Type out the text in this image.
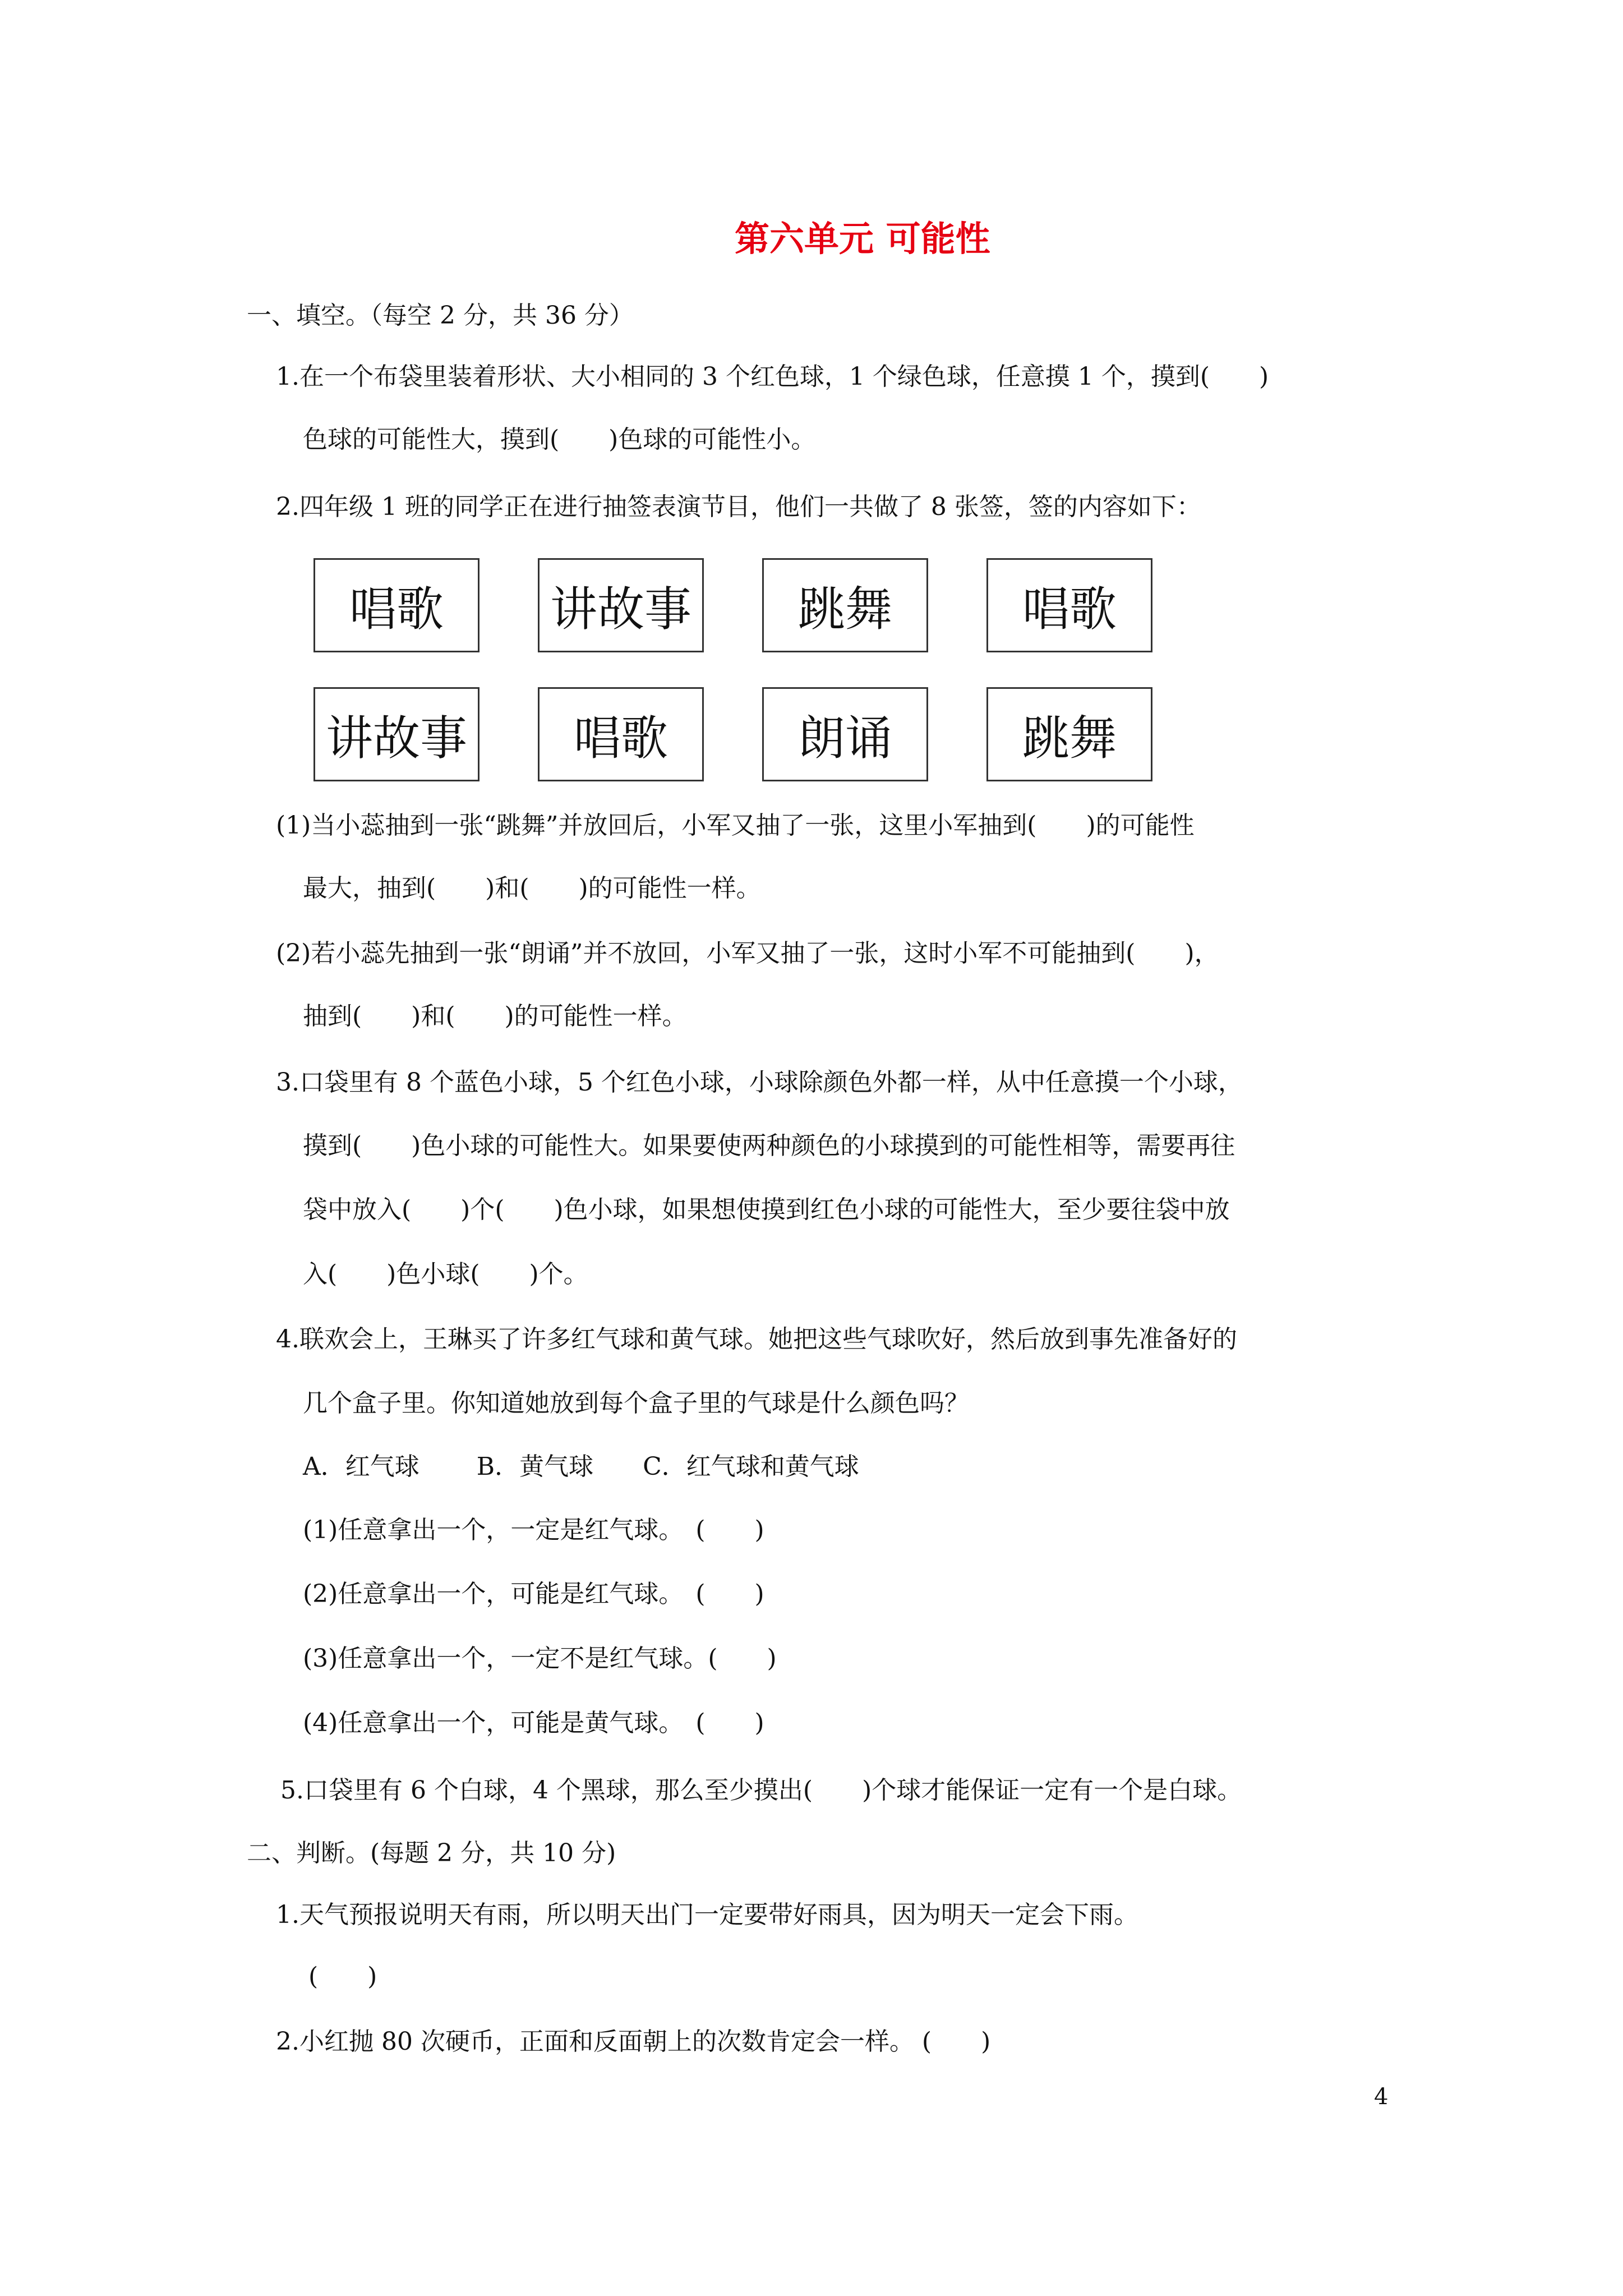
第六单元 可能性
一、填空。（每空 2 分，共 36 分）
1.在一个布袋里装着形状、大小相同的 3 个红色球，1 个绿色球，任意摸 1 个，摸到(　　)
色球的可能性大，摸到(　　)色球的可能性小。
2.四年级 1 班的同学正在进行抽签表演节目，他们一共做了 8 张签，签的内容如下：
唱歌	讲故事	跳舞	唱歌
讲故事	唱歌	朗诵	跳舞
(1)当小蕊抽到一张“跳舞”并放回后，小军又抽了一张，这里小军抽到(　　)的可能性
最大，抽到(　　)和(　　)的可能性一样。
(2)若小蕊先抽到一张“朗诵”并不放回，小军又抽了一张，这时小军不可能抽到(　　)，
抽到(　　)和(　　)的可能性一样。
3.口袋里有 8 个蓝色小球，5 个红色小球，小球除颜色外都一样，从中任意摸一个小球，
摸到(　　)色小球的可能性大。如果要使两种颜色的小球摸到的可能性相等，需要再往
袋中放入(　　)个(　　)色小球，如果想使摸到红色小球的可能性大，至少要往袋中放
入(　　)色小球(　　)个。
4.联欢会上，王琳买了许多红气球和黄气球。她把这些气球吹好，然后放到事先准备好的
几个盒子里。你知道她放到每个盒子里的气球是什么颜色吗？
A．红气球　　 B．黄气球　　C．红气球和黄气球
(1)任意拿出一个，一定是红气球。　(　　)
(2)任意拿出一个，可能是红气球。　(　　)
(3)任意拿出一个，一定不是红气球。(　　)
(4)任意拿出一个，可能是黄气球。　(　　)
5.口袋里有 6 个白球，4 个黑球，那么至少摸出(　　)个球才能保证一定有一个是白球。
二、判断。(每题 2 分，共 10 分)
1.天气预报说明天有雨，所以明天出门一定要带好雨具，因为明天一定会下雨。
(　　)
2.小红抛 80 次硬币，正面和反面朝上的次数肯定会一样。 (　　)
4
